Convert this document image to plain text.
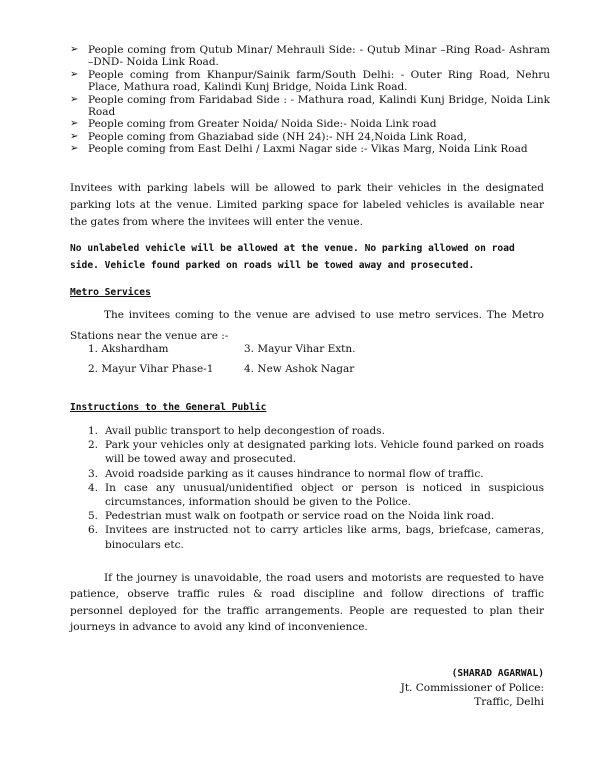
➢ People coming from Qutub Minar/ Mehrauli Side: - Qutub Minar –Ring Road- Ashram –DND- Noida Link Road.
➢ People coming from Khanpur/Sainik farm/South Delhi: - Outer Ring Road, Nehru Place, Mathura road, Kalindi Kunj Bridge, Noida Link Road.
➢ People coming from Faridabad Side : - Mathura road, Kalindi Kunj Bridge, Noida Link Road
➢ People coming from Greater Noida/ Noida Side:- Noida Link road
➢ People coming from Ghaziabad side (NH 24):- NH 24,Noida Link Road,
➢ People coming from East Delhi / Laxmi Nagar side :- Vikas Marg, Noida Link Road

Invitees with parking labels will be allowed to park their vehicles in the designated parking lots at the venue. Limited parking space for labeled vehicles is available near the gates from where the invitees will enter the venue.

No unlabeled vehicle will be allowed at the venue. No parking allowed on road side. Vehicle found parked on roads will be towed away and prosecuted.

Metro Services

The invitees coming to the venue are advised to use metro services. The Metro Stations near the venue are :-

1. Akshardham	3. Mayur Vihar Extn.
2. Mayur Vihar Phase-1	4. New Ashok Nagar
Instructions to the General Public
1. Avail public transport to help decongestion of roads.
2. Park your vehicles only at designated parking lots. Vehicle found parked on roads will be towed away and prosecuted.
3. Avoid roadside parking as it causes hindrance to normal flow of traffic.
4. In case any unusual/unidentified object or person is noticed in suspicious circumstances, information should be given to the Police.
5. Pedestrian must walk on footpath or service road on the Noida link road.
6. Invitees are instructed not to carry articles like arms, bags, briefcase, cameras, binoculars etc.

If the journey is unavoidable, the road users and motorists are requested to have patience, observe traffic rules & road discipline and follow directions of traffic personnel deployed for the traffic arrangements. People are requested to plan their journeys in advance to avoid any kind of inconvenience.

(SHARAD AGARWAL)
Jt. Commissioner of Police:
Traffic, Delhi
